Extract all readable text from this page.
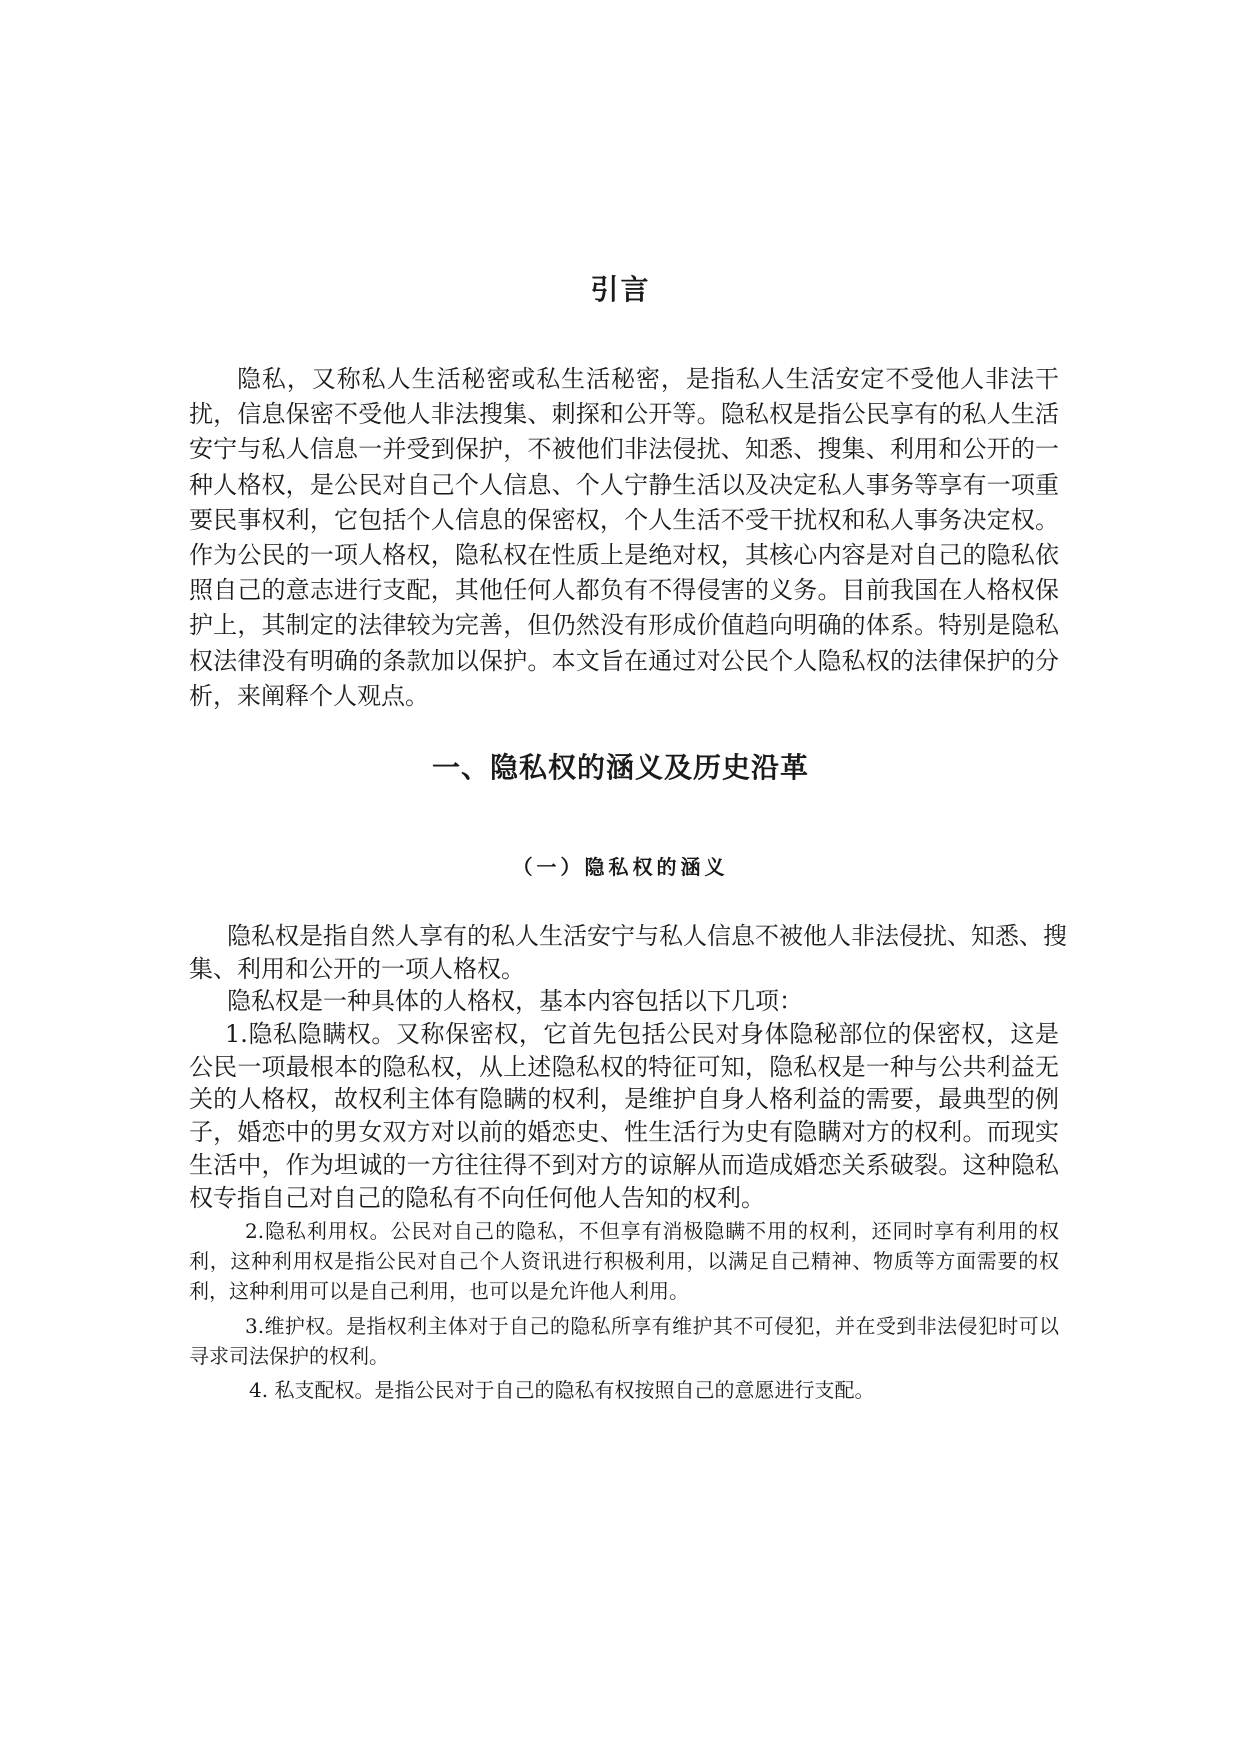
引言

隐私，又称私人生活秘密或私生活秘密，是指私人生活安定不受他人非法干扰，信息保密不受他人非法搜集、刺探和公开等。隐私权是指公民享有的私人生活安宁与私人信息一并受到保护，不被他们非法侵扰、知悉、搜集、利用和公开的一种人格权，是公民对自己个人信息、个人宁静生活以及决定私人事务等享有一项重要民事权利，它包括个人信息的保密权，个人生活不受干扰权和私人事务决定权。作为公民的一项人格权，隐私权在性质上是绝对权，其核心内容是对自己的隐私依照自己的意志进行支配，其他任何人都负有不得侵害的义务。目前我国在人格权保护上，其制定的法律较为完善，但仍然没有形成价值趋向明确的体系。特别是隐私权法律没有明确的条款加以保护。本文旨在通过对公民个人隐私权的法律保护的分析，来阐释个人观点。

一、隐私权的涵义及历史沿革
（一）隐私权的涵义

隐私权是指自然人享有的私人生活安宁与私人信息不被他人非法侵扰、知悉、搜集、利用和公开的一项人格权。

隐私权是一种具体的人格权，基本内容包括以下几项：

1.隐私隐瞒权。又称保密权，它首先包括公民对身体隐秘部位的保密权，这是公民一项最根本的隐私权，从上述隐私权的特征可知，隐私权是一种与公共利益无关的人格权，故权利主体有隐瞒的权利，是维护自身人格利益的需要，最典型的例子，婚恋中的男女双方对以前的婚恋史、性生活行为史有隐瞒对方的权利。而现实生活中，作为坦诚的一方往往得不到对方的谅解从而造成婚恋关系破裂。这种隐私权专指自己对自己的隐私有不向任何他人告知的权利。

2.隐私利用权。公民对自己的隐私，不但享有消极隐瞒不用的权利，还同时享有利用的权利，这种利用权是指公民对自己个人资讯进行积极利用，以满足自己精神、物质等方面需要的权利，这种利用可以是自己利用，也可以是允许他人利用。

3.维护权。是指权利主体对于自己的隐私所享有维护其不可侵犯，并在受到非法侵犯时可以寻求司法保护的权利。

4. 私支配权。是指公民对于自己的隐私有权按照自己的意愿进行支配。
